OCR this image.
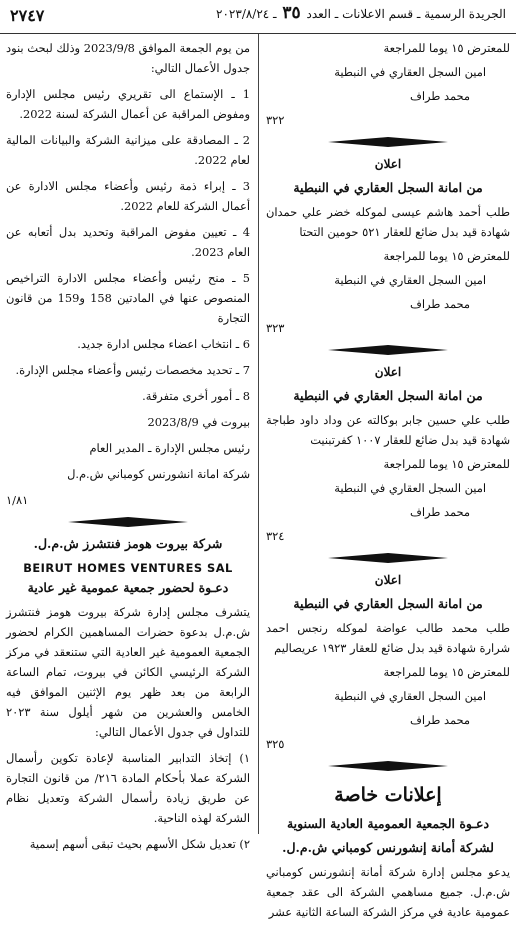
الجريدة الرسمية ـ قسم الاعلانات ـ العدد ٣٥ ـ ٢٠٢٣/٨/٢٤
٢٧٤٧

للمعترض ١٥ يوما للمراجعة

امين السجل العقاري في النبطية

محمد طراف

٣٢٢
اعلان
من امانة السجل العقاري في النبطية

طلب أحمد هاشم عيسى لموكله خضر علي حمدان شهادة قيد بدل ضائع للعقار ٥٢١ حومين التحتا

للمعترض ١٥ يوما للمراجعة

امين السجل العقاري في النبطية

محمد طراف

٣٢٣
اعلان
من امانة السجل العقاري في النبطية

طلب علي حسين جابر بوكالته عن وداد داود طباجة شهادة قيد بدل ضائع للعقار ١٠٠٧ كفرتبنيت

للمعترض ١٥ يوما للمراجعة

امين السجل العقاري في النبطية

محمد طراف

٣٢٤
اعلان
من امانة السجل العقاري في النبطية

طلب محمد طالب عواضة لموكله رنجس احمد شرارة شهادة قيد بدل ضائع للعقار ١٩٢٣ عريصاليم

للمعترض ١٥ يوما للمراجعة

امين السجل العقاري في النبطية

محمد طراف

٣٢٥
إعلانات خاصة
دعـوة الجمعية العمومية العادية السنوية
لشركة أمانة إنشورنس كومباني ش.م.ل.

يدعو مجلس إدارة شركة أمانة إنشورنس كومباني ش.م.ل. جميع مساهمي الشركة الى عقد جمعية عمومية عادية في مركز الشركة الساعة الثانية عشر

من يوم الجمعة الموافق 2023/9/8 وذلك لبحث بنود جدول الأعمال التالي:

1 ـ الإستماع الى تقريري رئيس مجلس الإدارة ومفوض المراقبة عن أعمال الشركة لسنة 2022.

2 ـ المصادقة على ميزانية الشركة والبيانات المالية لعام 2022.

3 ـ إبراء ذمة رئيس وأعضاء مجلس الادارة عن أعمال الشركة للعام 2022.

4 ـ تعيين مفوض المراقبة وتحديد بدل أتعابه عن العام 2023.

5 ـ منح رئيس وأعضاء مجلس الادارة التراخيص المنصوص عنها في المادتين 158 و159 من قانون التجارة

6 ـ انتخاب اعضاء مجلس ادارة جديد.

7 ـ تحديد مخصصات رئيس وأعضاء مجلس الإدارة.

8 ـ أمور أخرى متفرقة.

بيروت في 2023/8/9

رئيس مجلس الإدارة ـ المدير العام

شركة امانة انشورنس كومباني ش.م.ل

١/٨١
شركة بيروت هومز فنتشرز ش.م.ل.
BEIRUT HOMES VENTURES SAL
دعـوة لحضور جمعية عمومية غير عادية

يتشرف مجلس إدارة شركة بيروت هومز فنتشرز ش.م.ل بدعوة حضرات المساهمين الكرام لحضور الجمعية العمومية غير العادية التي ستنعقد في مركز الشركة الرئيسي الكائن في بيروت، تمام الساعة الرابعة من بعد ظهر يوم الإثنين الموافق فيه الخامس والعشرين من شهر أيلول سنة ٢٠٢٣ للتداول في جدول الأعمال التالي:

١) إتخاذ التدابير المناسبة لإعادة تكوين رأسمال الشركة عملا بأحكام المادة ٢١٦/ من قانون التجارة عن طريق زيادة رأسمال الشركة وتعديل نظام الشركة لهذه الناحية.

٢) تعديل شكل الأسهم بحيث تبقى أسهم إسمية
